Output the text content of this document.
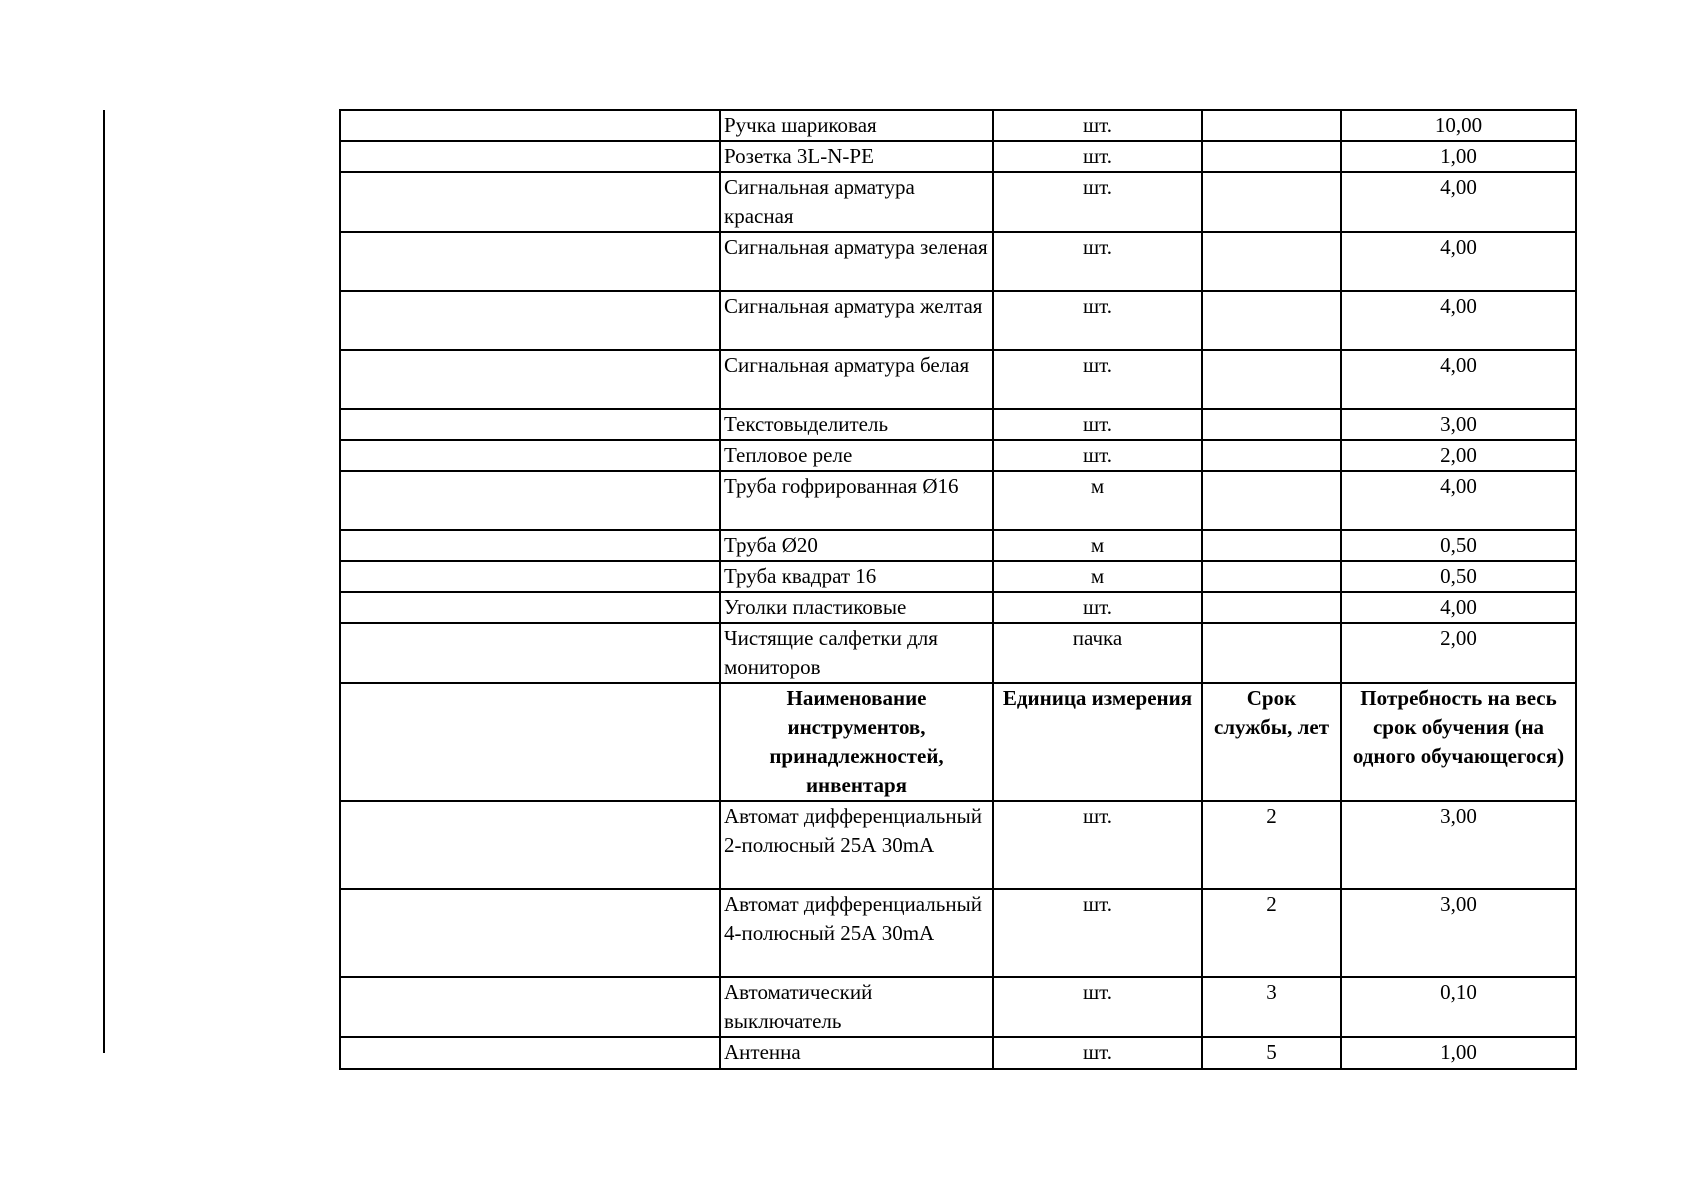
	Ручка шариковая	шт.		10,00
	Розетка 3L-N-PE	шт.		1,00
	Сигнальная арматура красная	шт.		4,00
	Сигнальная арматура зеленая	шт.		4,00
	Сигнальная арматура желтая	шт.		4,00
	Сигнальная арматура белая	шт.		4,00
	Текстовыделитель	шт.		3,00
	Тепловое реле	шт.		2,00
	Труба гофрированная Ø16	м		4,00
	Труба Ø20	м		0,50
	Труба квадрат 16	м		0,50
	Уголки пластиковые	шт.		4,00
	Чистящие салфетки для мониторов	пачка		2,00
	Наименование инструментов, принадлежностей, инвентаря	Единица измерения	Срок службы, лет	Потребность на весь срок обучения (на одного обучающегося)
	Автомат дифференциальный 2-полюсный 25А 30mA	шт.	2	3,00
	Автомат дифференциальный 4-полюсный 25А 30mA	шт.	2	3,00
	Автоматический выключатель	шт.	3	0,10
	Антенна	шт.	5	1,00
